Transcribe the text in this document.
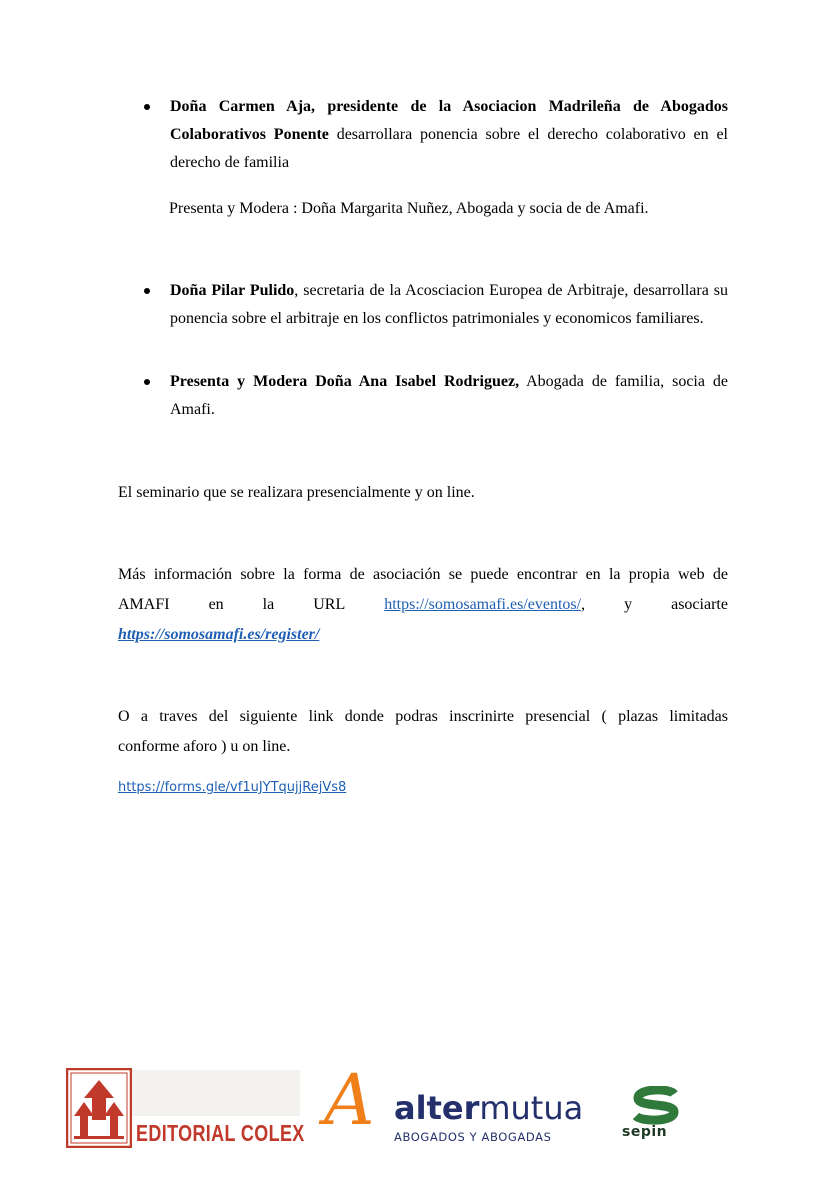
Doña Carmen Aja, presidente de la Asociacion Madrileña de Abogados Colaborativos Ponente desarrollara ponencia sobre el derecho colaborativo en el derecho de familia
Presenta y Modera : Doña Margarita Nuñez, Abogada y socia de de Amafi.
Doña Pilar Pulido, secretaria de la Acosciacion Europea de Arbitraje, desarrollara su ponencia sobre el arbitraje en los conflictos patrimoniales y economicos familiares.
Presenta y Modera Doña Ana Isabel Rodriguez, Abogada de familia, socia de Amafi.
El seminario que se realizara presencialmente y on line.
Más información sobre la forma de asociación se puede encontrar en la propia web de
AMAFI en la URL https://somosamafi.es/eventos/, y asociarte
https://somosamafi.es/register/
O a traves del siguiente link donde podras inscrinirte presencial ( plazas limitadas
conforme aforo ) u on line.
https://forms.gle/vf1uJYTqujjRejVs8
EDITORIAL COLEX A altermutua
ABOGADOS Y ABOGADAS	sepin
